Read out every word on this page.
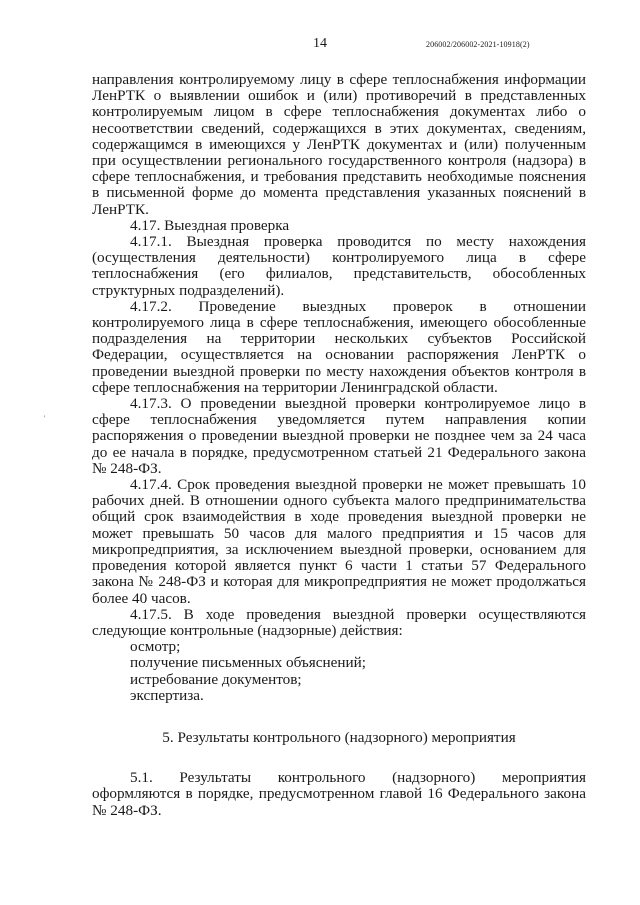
14	206002/206002-2021-10918(2)
'

направления контролируемому лицу в сфере теплоснабжения информации ЛенРТК о выявлении ошибок и (или) противоречий в представленных контролируемым лицом в сфере теплоснабжения документах либо о несоответствии сведений, содержащихся в этих документах, сведениям, содержащимся в имеющихся у ЛенРТК документах и (или) полученным при осуществлении регионального государственного контроля (надзора) в сфере теплоснабжения, и требования представить необходимые пояснения в письменной форме до момента представления указанных пояснений в ЛенРТК.

4.17. Выездная проверка

4.17.1. Выездная проверка проводится по месту нахождения (осуществления деятельности) контролируемого лица в сфере теплоснабжения (его филиалов, представительств, обособленных структурных подразделений).

4.17.2. Проведение выездных проверок в отношении контролируемого лица в сфере теплоснабжения, имеющего обособленные подразделения на территории нескольких субъектов Российской Федерации, осуществляется на основании распоряжения ЛенРТК о проведении выездной проверки по месту нахождения объектов контроля в сфере теплоснабжения на территории Ленинградской области.

4.17.3. О проведении выездной проверки контролируемое лицо в сфере теплоснабжения уведомляется путем направления копии распоряжения о проведении выездной проверки не позднее чем за 24 часа до ее начала в порядке, предусмотренном статьей 21 Федерального закона № 248-ФЗ.

4.17.4. Срок проведения выездной проверки не может превышать 10 рабочих дней. В отношении одного субъекта малого предпринимательства общий срок взаимодействия в ходе проведения выездной проверки не может превышать 50 часов для малого предприятия и 15 часов для микропредприятия, за исключением выездной проверки, основанием для проведения которой является пункт 6 части 1 статьи 57 Федерального закона № 248-ФЗ и которая для микропредприятия не может продолжаться более 40 часов.

4.17.5. В ходе проведения выездной проверки осуществляются следующие контрольные (надзорные) действия:

осмотр;

получение письменных объяснений;

истребование документов;

экспертиза.

5. Результаты контрольного (надзорного) мероприятия

5.1. Результаты контрольного (надзорного) мероприятия оформляются в порядке, предусмотренном главой 16 Федерального закона № 248-ФЗ.
